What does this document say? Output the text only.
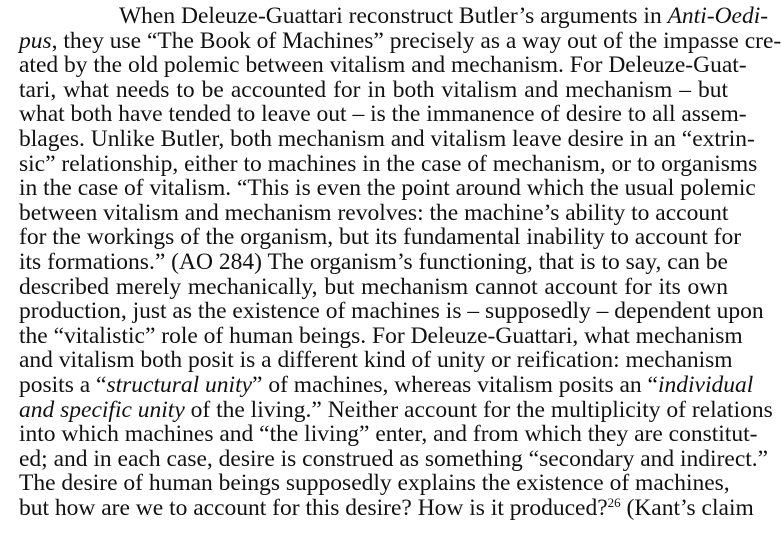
When Deleuze-Guattari reconstruct Butler’s arguments in Anti-Oedi-
pus, they use “The Book of Machines” precisely as a way out of the impasse cre-
ated by the old polemic between vitalism and mechanism. For Deleuze-Guat-
tari, what needs to be accounted for in both vitalism and mechanism – but
what both have tended to leave out – is the immanence of desire to all assem-
blages. Unlike Butler, both mechanism and vitalism leave desire in an “extrin-
sic” relationship, either to machines in the case of mechanism, or to organisms
in the case of vitalism. “This is even the point around which the usual polemic
between vitalism and mechanism revolves: the machine’s ability to account
for the workings of the organism, but its fundamental inability to account for
its formations.” (AO 284) The organism’s functioning, that is to say, can be
described merely mechanically, but mechanism cannot account for its own
production, just as the existence of machines is – supposedly – dependent upon
the “vitalistic” role of human beings. For Deleuze-Guattari, what mechanism
and vitalism both posit is a different kind of unity or reification: mechanism
posits a “structural unity” of machines, whereas vitalism posits an “individual
and specific unity of the living.” Neither account for the multiplicity of relations
into which machines and “the living” enter, and from which they are constitut-
ed; and in each case, desire is construed as something “secondary and indirect.”
The desire of human beings supposedly explains the existence of machines,
but how are we to account for this desire? How is it produced?$^{26}$ (Kant’s claim
